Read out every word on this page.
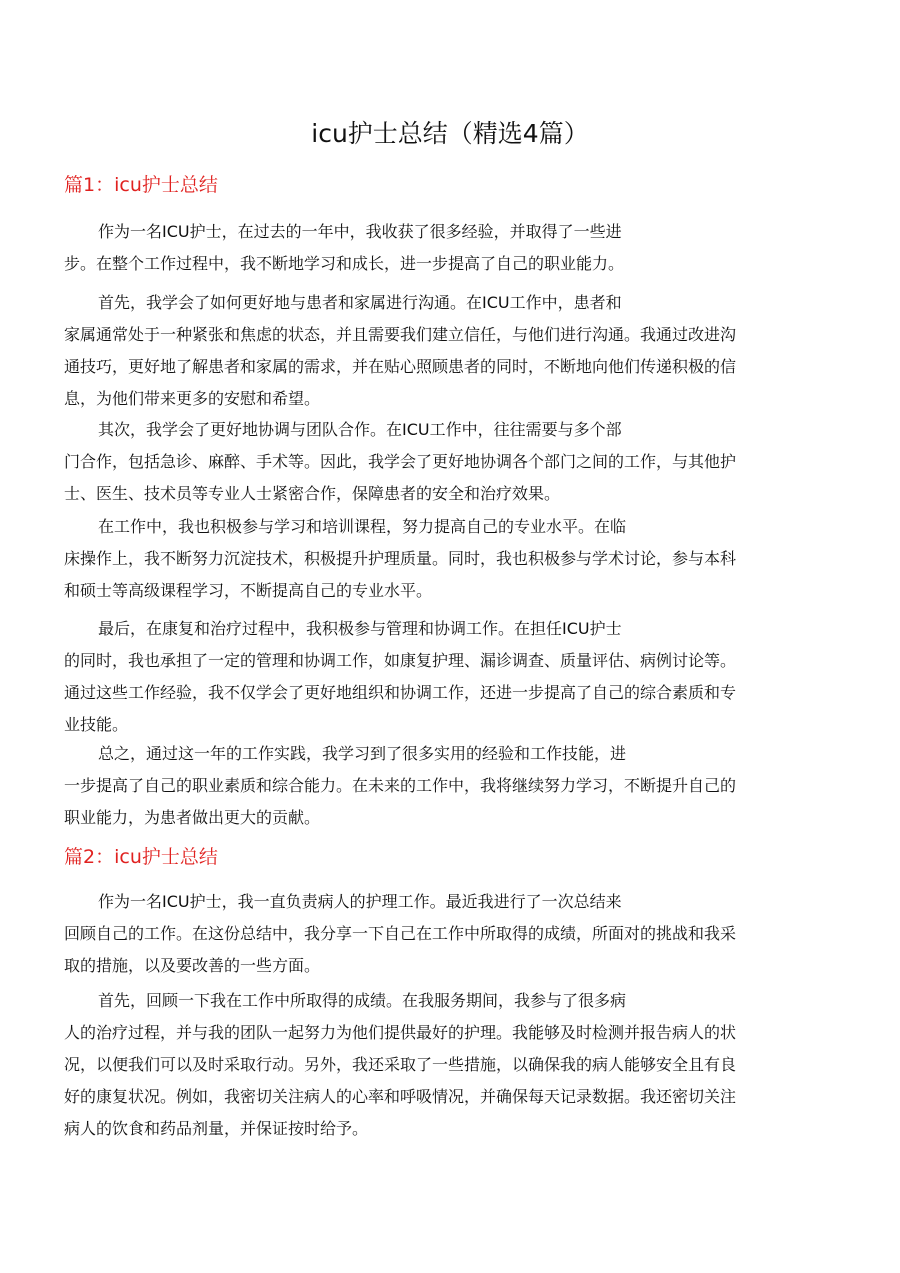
icu护士总结（精选4篇）
篇1：icu护士总结
作为一名ICU护士，在过去的一年中，我收获了很多经验，并取得了一些进
步。在整个工作过程中，我不断地学习和成长，进一步提高了自己的职业能力。
首先，我学会了如何更好地与患者和家属进行沟通。在ICU工作中，患者和
家属通常处于一种紧张和焦虑的状态，并且需要我们建立信任，与他们进行沟通。我通过改进沟
通技巧，更好地了解患者和家属的需求，并在贴心照顾患者的同时，不断地向他们传递积极的信
息，为他们带来更多的安慰和希望。
其次，我学会了更好地协调与团队合作。在ICU工作中，往往需要与多个部
门合作，包括急诊、麻醉、手术等。因此，我学会了更好地协调各个部门之间的工作，与其他护
士、医生、技术员等专业人士紧密合作，保障患者的安全和治疗效果。
在工作中，我也积极参与学习和培训课程，努力提高自己的专业水平。在临
床操作上，我不断努力沉淀技术，积极提升护理质量。同时，我也积极参与学术讨论，参与本科
和硕士等高级课程学习，不断提高自己的专业水平。
最后，在康复和治疗过程中，我积极参与管理和协调工作。在担任ICU护士
的同时，我也承担了一定的管理和协调工作，如康复护理、漏诊调查、质量评估、病例讨论等。
通过这些工作经验，我不仅学会了更好地组织和协调工作，还进一步提高了自己的综合素质和专
业技能。
总之，通过这一年的工作实践，我学习到了很多实用的经验和工作技能，进
一步提高了自己的职业素质和综合能力。在未来的工作中，我将继续努力学习，不断提升自己的
职业能力，为患者做出更大的贡献。
篇2：icu护士总结
作为一名ICU护士，我一直负责病人的护理工作。最近我进行了一次总结来
回顾自己的工作。在这份总结中，我分享一下自己在工作中所取得的成绩，所面对的挑战和我采
取的措施，以及要改善的一些方面。
首先，回顾一下我在工作中所取得的成绩。在我服务期间，我参与了很多病
人的治疗过程，并与我的团队一起努力为他们提供最好的护理。我能够及时检测并报告病人的状
况，以便我们可以及时采取行动。另外，我还采取了一些措施，以确保我的病人能够安全且有良
好的康复状况。例如，我密切关注病人的心率和呼吸情况，并确保每天记录数据。我还密切关注
病人的饮食和药品剂量，并保证按时给予。
